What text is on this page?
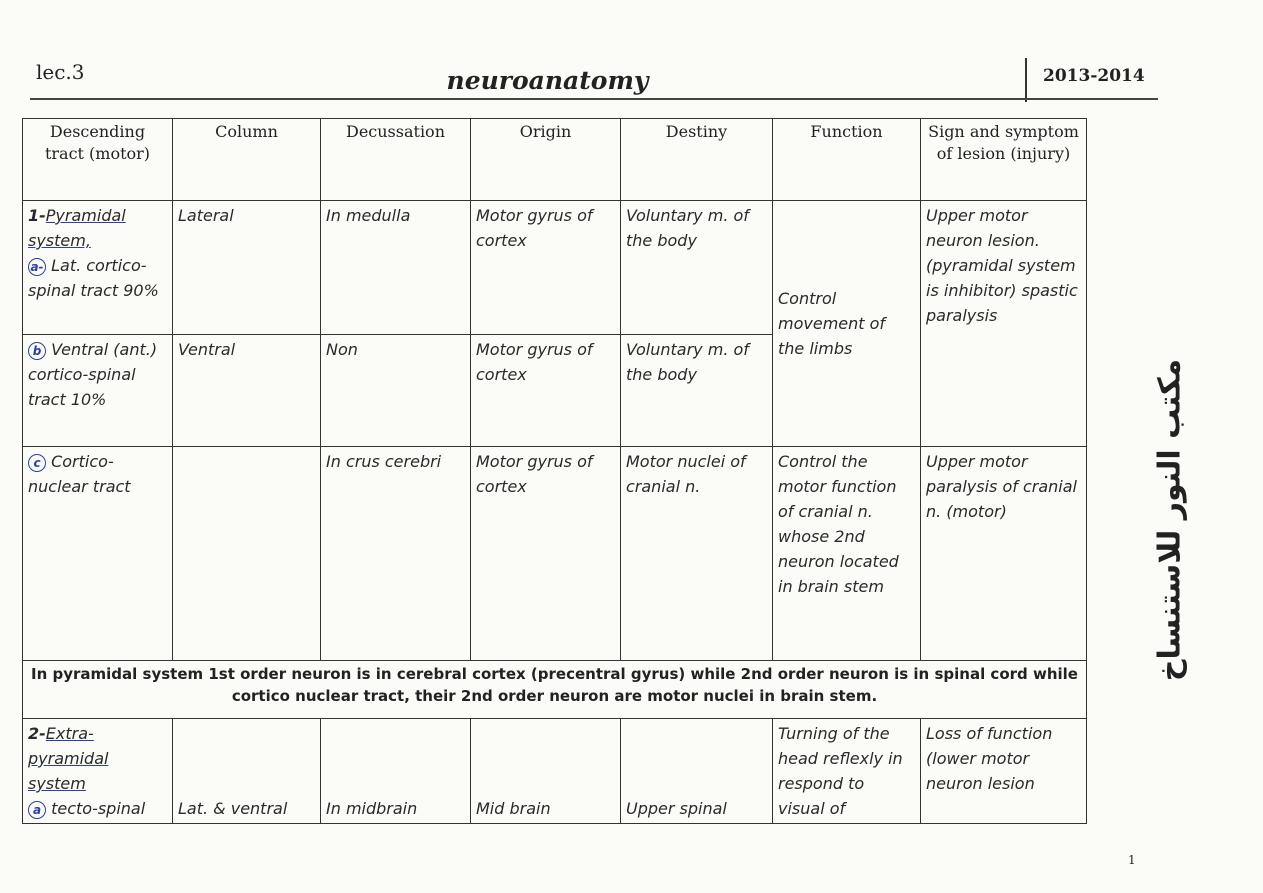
lec.3	neuroanatomy	2013-2014
Descending tract (motor)	Column	Decussation	Origin	Destiny	Function	Sign and symptom of lesion (injury)
1-Pyramidal system,
a- Lat. cortico-spinal tract 90%	Lateral	In medulla	Motor gyrus of cortex	Voluntary m. of the body	Control movement of the limbs	Upper motor neuron lesion. (pyramidal system is inhibitor) spastic paralysis
b Ventral (ant.) cortico-spinal tract 10%	Ventral	Non	Motor gyrus of cortex	Voluntary m. of the body		
c Cortico-nuclear tract		In crus cerebri	Motor gyrus of cortex	Motor nuclei of cranial n.	Control the motor function of cranial n. whose 2nd neuron located in brain stem	Upper motor paralysis of cranial n. (motor)
In pyramidal system 1st order neuron is in cerebral cortex (precentral gyrus) while 2nd order neuron is in spinal cord while cortico nuclear tract, their 2nd order neuron are motor nuclei in brain stem.						
2-Extra-pyramidal system
a tecto-spinal	Lat. & ventral	In midbrain	Mid brain	Upper spinal	Turning of the head reflexly in respond to visual of	Loss of function (lower motor neuron lesion
مكتب النور للاستنساخ
1
